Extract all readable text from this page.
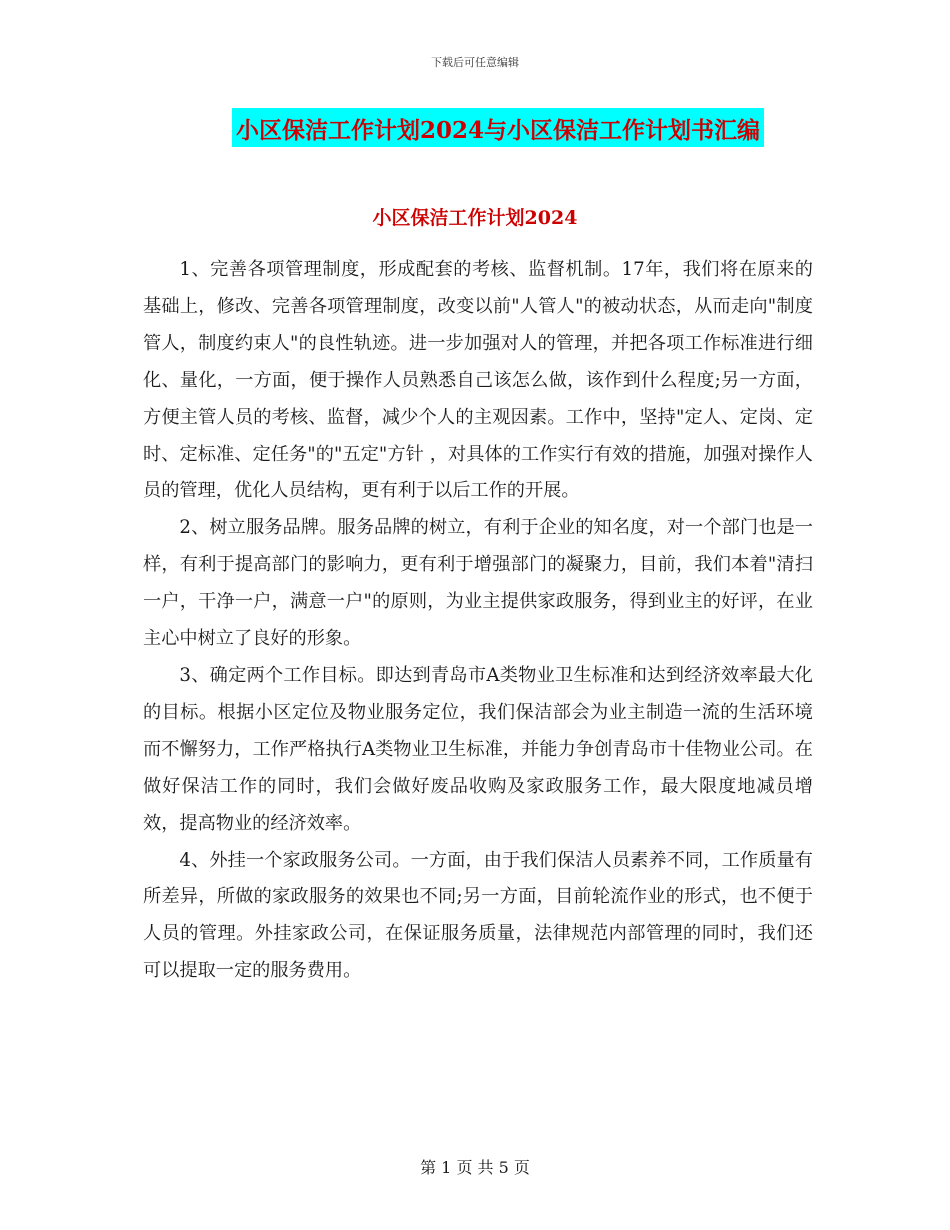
下载后可任意编辑
小区保洁工作计划2024与小区保洁工作计划书汇编
小区保洁工作计划2024

1、完善各项管理制度，形成配套的考核、监督机制。17年，我们将在原来的基础上，修改、完善各项管理制度，改变以前"人管人"的被动状态，从而走向"制度管人，制度约束人"的良性轨迹。进一步加强对人的管理，并把各项工作标准进行细化、量化，一方面，便于操作人员熟悉自己该怎么做，该作到什么程度;另一方面，方便主管人员的考核、监督，减少个人的主观因素。工作中，坚持"定人、定岗、定时、定标准、定任务"的"五定"方针 ，对具体的工作实行有效的措施，加强对操作人员的管理，优化人员结构，更有利于以后工作的开展。

2、树立服务品牌。服务品牌的树立，有利于企业的知名度，对一个部门也是一样，有利于提高部门的影响力，更有利于增强部门的凝聚力，目前，我们本着"清扫一户，干净一户，满意一户"的原则，为业主提供家政服务，得到业主的好评，在业主心中树立了良好的形象。

3、确定两个工作目标。即达到青岛市A类物业卫生标准和达到经济效率最大化的目标。根据小区定位及物业服务定位，我们保洁部会为业主制造一流的生活环境而不懈努力，工作严格执行A类物业卫生标准，并能力争创青岛市十佳物业公司。在做好保洁工作的同时，我们会做好废品收购及家政服务工作，最大限度地减员增效，提高物业的经济效率。

4、外挂一个家政服务公司。一方面，由于我们保洁人员素养不同，工作质量有所差异，所做的家政服务的效果也不同;另一方面，目前轮流作业的形式，也不便于人员的管理。外挂家政公司，在保证服务质量，法律规范内部管理的同时，我们还可以提取一定的服务费用。

第 1 页 共 5 页
